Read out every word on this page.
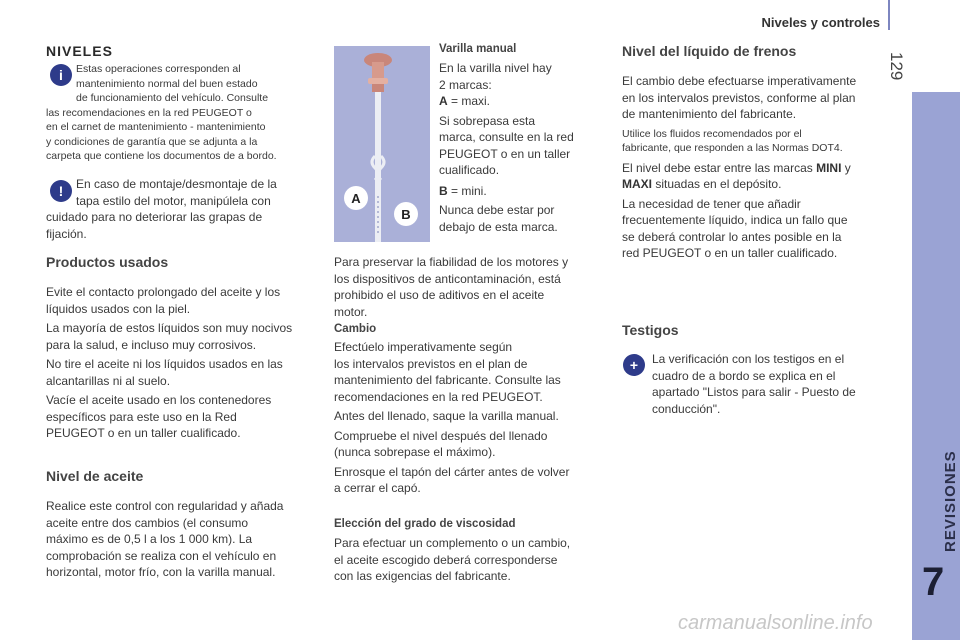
Niveles y controles
129
REVISIONES
7
NIVELES
i	Estas operaciones corresponden al

mantenimiento normal del buen estado

de funcionamiento del vehículo. Consulte

las recomendaciones en la red PEUGEOT o

en el carnet de mantenimiento - mantenimiento

y condiciones de garantía que se adjunta a la

carpeta que contiene los documentos de a bordo.

!	En caso de montaje/desmontaje de la

tapa estilo del motor, manipúlela con

cuidado para no deteriorar las grapas de

fijación.

Productos usados

Evite el contacto prolongado del aceite y los

líquidos usados con la piel.

La mayoría de estos líquidos son muy nocivos

para la salud, e incluso muy corrosivos.

No tire el aceite ni los líquidos usados en las

alcantarillas ni al suelo.

Vacíe el aceite usado en los contenedores

específicos para este uso en la Red

PEUGEOT o en un taller cualificado.

Nivel de aceite

Realice este control con regularidad y añada

aceite entre dos cambios (el consumo

máximo es de 0,5 l a los 1 000 km). La

comprobación se realiza con el vehículo en

horizontal, motor frío, con la varilla manual.

A
B
Varilla manual

En la varilla nivel hay

2 marcas:

A = maxi.

Si sobrepasa esta

marca, consulte en la red

PEUGEOT o en un taller

cualificado.

B = mini.

Nunca debe estar por

debajo de esta marca.

Para preservar la fiabilidad de los motores y

los dispositivos de anticontaminación, está

prohibido el uso de aditivos en el aceite

motor.

Cambio

Efectúelo imperativamente según

los intervalos previstos en el plan de

mantenimiento del fabricante. Consulte las

recomendaciones en la red PEUGEOT.

Antes del llenado, saque la varilla manual.

Compruebe el nivel después del llenado

(nunca sobrepase el máximo).

Enrosque el tapón del cárter antes de volver

a cerrar el capó.

Elección del grado de viscosidad

Para efectuar un complemento o un cambio,

el aceite escogido deberá corresponderse

con las exigencias del fabricante.

Nivel del líquido de frenos

El cambio debe efectuarse imperativamente

en los intervalos previstos, conforme al plan

de mantenimiento del fabricante.

Utilice los fluidos recomendados por el

fabricante, que responden a las Normas DOT4.

El nivel debe estar entre las marcas MINI y

MAXI situadas en el depósito.

La necesidad de tener que añadir

frecuentemente líquido, indica un fallo que

se deberá controlar lo antes posible en la

red PEUGEOT o en un taller cualificado.

Testigos
+	La verificación con los testigos en el

cuadro de a bordo se explica en el

apartado "Listos para salir - Puesto de

conducción".

carmanualsonline.info
